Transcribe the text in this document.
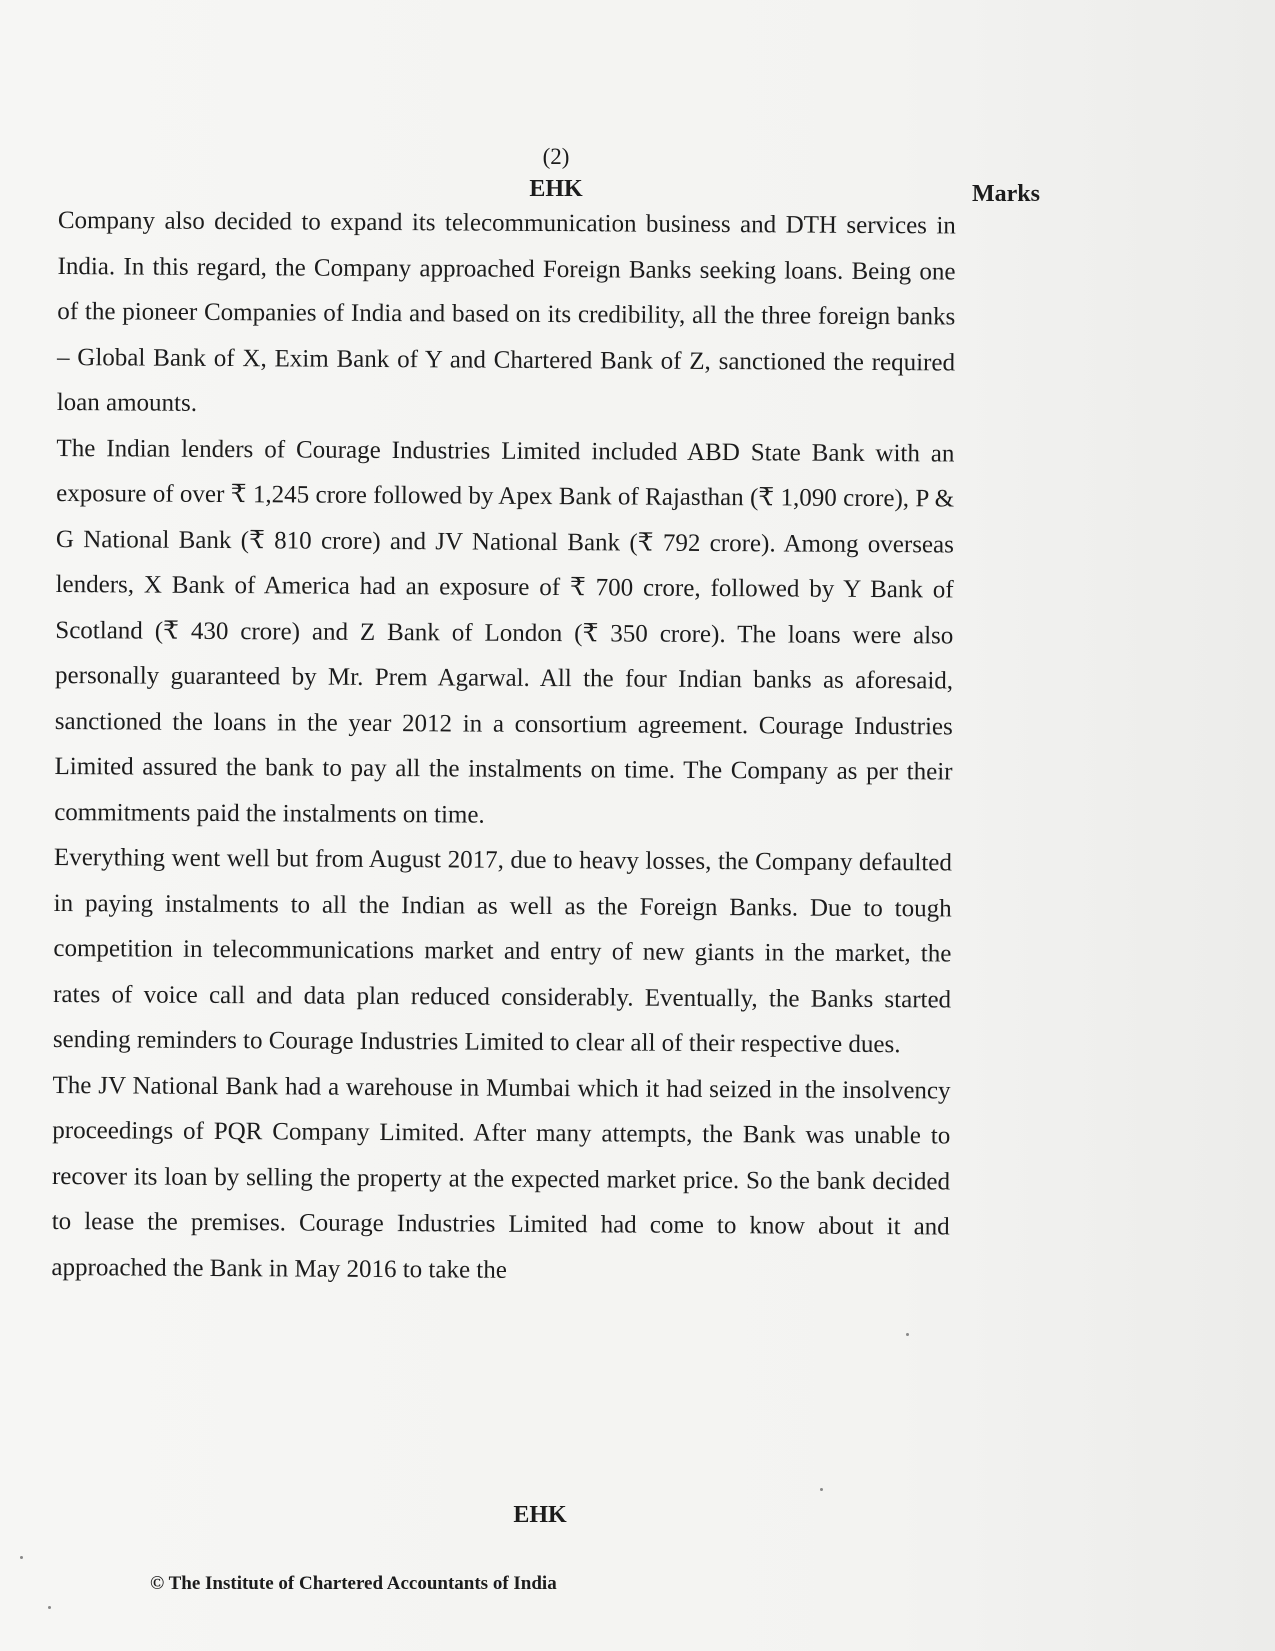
(2)
EHK	Marks

Company also decided to expand its telecommunication business and DTH services in India. In this regard, the Company approached Foreign Banks seeking loans. Being one of the pioneer Companies of India and based on its credibility, all the three foreign banks – Global Bank of X, Exim Bank of Y and Chartered Bank of Z, sanctioned the required loan amounts.

The Indian lenders of Courage Industries Limited included ABD State Bank with an exposure of over ₹ 1,245 crore followed by Apex Bank of Rajasthan (₹ 1,090 crore), P & G National Bank (₹ 810 crore) and JV National Bank (₹ 792 crore). Among overseas lenders, X Bank of America had an exposure of ₹ 700 crore, followed by Y Bank of Scotland (₹ 430 crore) and Z Bank of London (₹ 350 crore). The loans were also personally guaranteed by Mr. Prem Agarwal. All the four Indian banks as aforesaid, sanctioned the loans in the year 2012 in a consortium agreement. Courage Industries Limited assured the bank to pay all the instalments on time. The Company as per their commitments paid the instalments on time.

Everything went well but from August 2017, due to heavy losses, the Company defaulted in paying instalments to all the Indian as well as the Foreign Banks. Due to tough competition in telecommunications market and entry of new giants in the market, the rates of voice call and data plan reduced considerably. Eventually, the Banks started sending reminders to Courage Industries Limited to clear all of their respective dues.

The JV National Bank had a warehouse in Mumbai which it had seized in the insolvency proceedings of PQR Company Limited. After many attempts, the Bank was unable to recover its loan by selling the property at the expected market price. So the bank decided to lease the premises. Courage Industries Limited had come to know about it and approached the Bank in May 2016 to take the

EHK
© The Institute of Chartered Accountants of India
